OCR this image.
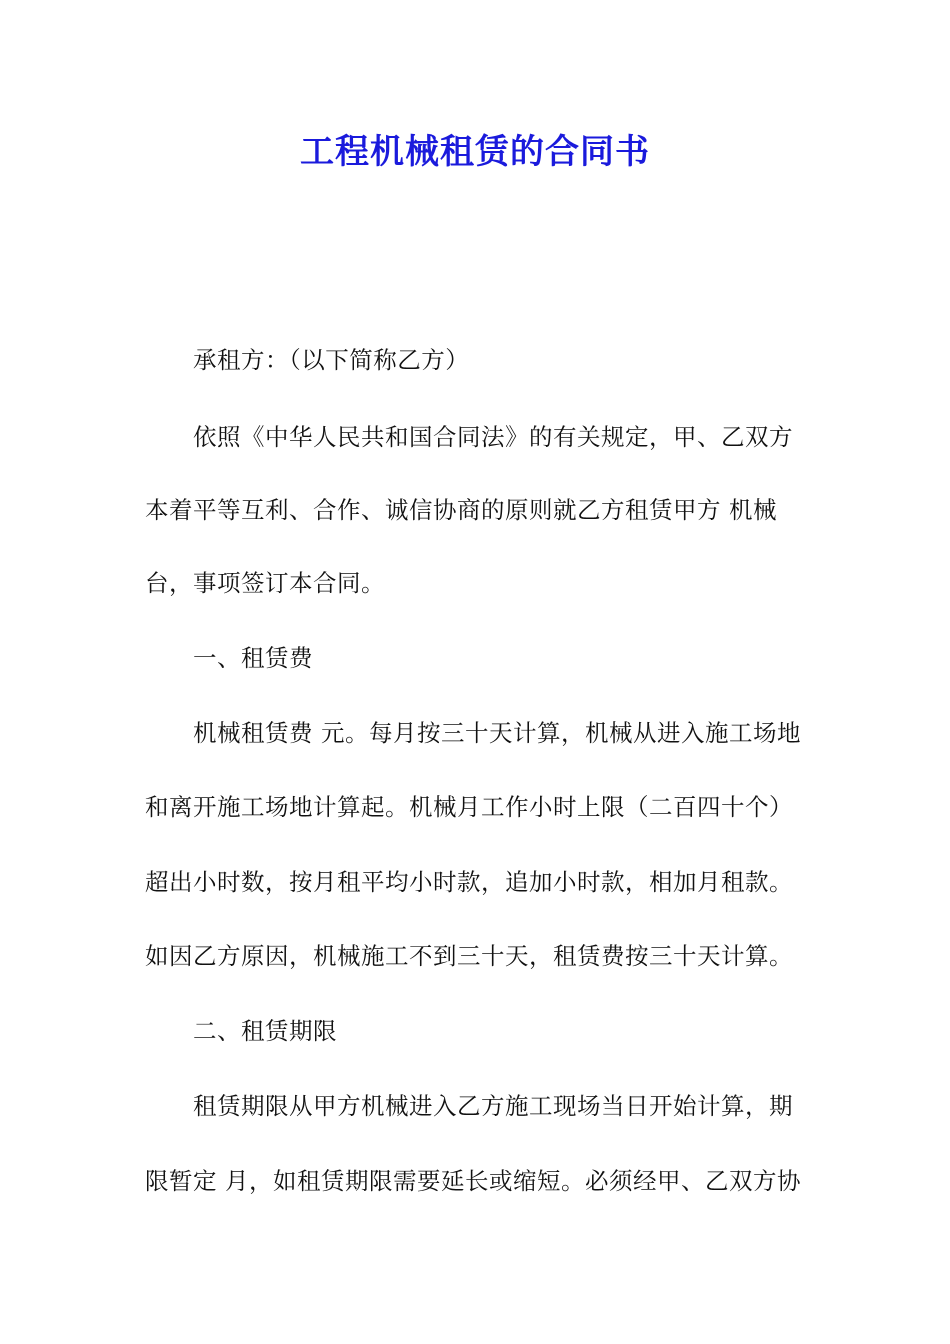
工程机械租赁的合同书

承租方：（以下简称乙方）

依照《中华人民共和国合同法》的有关规定，甲、乙双方

本着平等互利、合作、诚信协商的原则就乙方租赁甲方 机械

台，事项签订本合同。

一、租赁费

机械租赁费 元。每月按三十天计算，机械从进入施工场地

和离开施工场地计算起。机械月工作小时上限（二百四十个）

超出小时数，按月租平均小时款，追加小时款，相加月租款。

如因乙方原因，机械施工不到三十天，租赁费按三十天计算。

二、租赁期限

租赁期限从甲方机械进入乙方施工现场当日开始计算，期

限暂定 月，如租赁期限需要延长或缩短。必须经甲、乙双方协
